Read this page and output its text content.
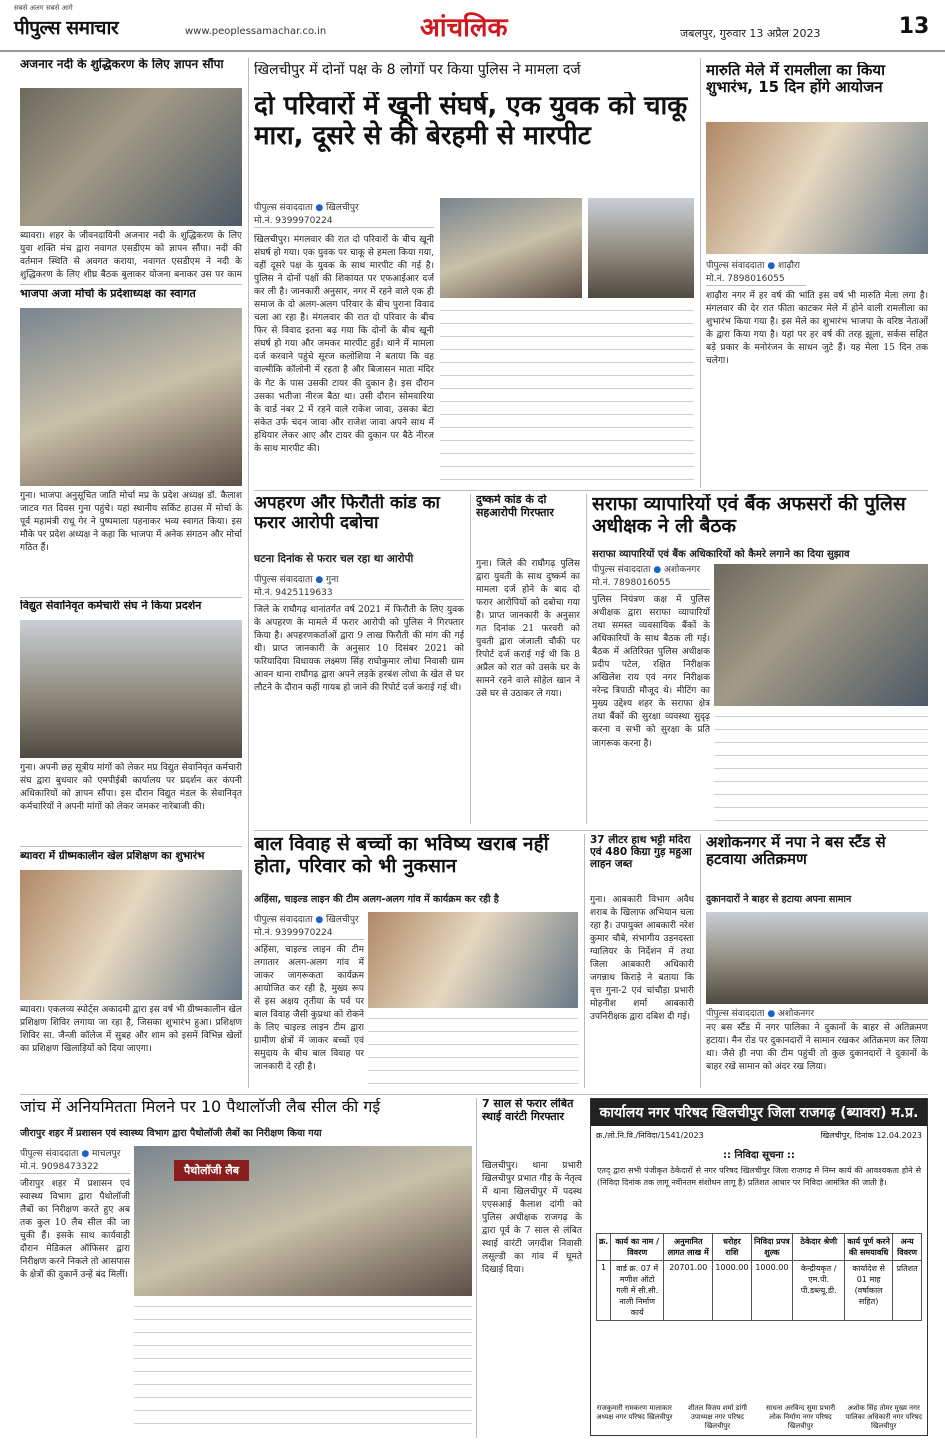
सबसे अलग सबसे आगे
पीपुल्स समाचार	www.peoplessamachar.co.in	आंचलिक	जबलपुर, गुरुवार 13 अप्रैल 2023	13
अजनार नदी के शुद्धिकरण के लिए ज्ञापन सौंपा
ब्यावरा। शहर के जीवनदायिनी अजनार नदी के शुद्धिकरण के लिए युवा शक्ति मंच द्वारा नवागत एसडीएम को ज्ञापन सौंपा। नदी की वर्तमान स्थिति से अवगत कराया, नवागत एसडीएम ने नदी के शुद्धिकरण के लिए शीघ्र बैठक बुलाकर योजना बनाकर उस पर काम
भाजपा अजा मोर्चा के प्रदेशाध्यक्ष का स्वागत
गुना। भाजपा अनुसूचित जाति मोर्चा मप्र के प्रदेश अध्यक्ष डॉ. कैलाश जाटव गत दिवस गुना पहुंचे। यहां स्थानीय सर्किट हाउस में मोर्चा के पूर्व महामंत्री राधू गेर ने पुष्पमाला पहनाकर भव्य स्वागत किया। इस मौके पर प्रदेश अध्यक्ष ने कहा कि भाजपा में अनेक संगठन और मोर्चा गठित हैं।
विद्युत सेवानिवृत कर्मचारी संघ ने किया प्रदर्शन
गुना। अपनी छह सूत्रीय मांगों को लेकर मप्र विद्युत सेवानिवृत कर्मचारी संघ द्वारा बुधवार को एमपीईबी कार्यालय पर प्रदर्शन कर कंपनी अधिकारियों को ज्ञापन सौंपा। इस दौरान विद्युत मंडल के सेवानिवृत कर्मचारियों ने अपनी मांगों को लेकर जमकर नारेबाजी की।
ब्यावरा में ग्रीष्मकालीन खेल प्रशिक्षण का शुभारंभ
ब्यावरा। एकलव्य स्पोर्ट्स अकादमी द्वारा इस वर्ष भी ग्रीष्मकालीन खेल प्रशिक्षण शिविर लगाया जा रहा है, जिसका शुभारंभ हुआ। प्रशिक्षण शिविर सा. जैन्जी कॉलेज में सुबह और शाम को इसमें विभिन्न खेलों का प्रशिक्षण खिलाड़ियों को दिया जाएगा।
खिलचीपुर में दोनों पक्ष के 8 लोगों पर किया पुलिस ने मामला दर्ज
दो परिवारों में खूनी संघर्ष, एक युवक को चाकू मारा, दूसरे से की बेरहमी से मारपीट
पीपुल्स संवाददाता ● खिलचीपुर
मो.नं. 9399970224
खिलचीपुर। मंगलवार की रात दो परिवारों के बीच खूनी संघर्ष हो गया। एक युवक पर चाकू से हमला किया गया, वहीं दूसरे पक्ष के युवक के साथ मारपीट की गई है। पुलिस ने दोनों पक्षों की शिकायत पर एफआईआर दर्ज कर ली है। जानकारी अनुसार, नगर में रहने वाले एक ही समाज के दो अलग-अलग परिवार के बीच पुराना विवाद चला आ रहा है। मंगलवार की रात दो परिवार के बीच फिर से विवाद इतना बढ़ गया कि दोनों के बीच खूनी संघर्ष हो गया और जमकर मारपीट हुई। थाने में मामला दर्ज करवाने पहुंचे सूरज कलोशिया ने बताया कि वह वाल्मीकि कॉलोनी में रहता है और बिजासन माता मंदिर के गेट के पास उसकी टायर की दुकान है। इस दौरान उसका भतीजा नीरज बैठा था। उसी दौरान सोमवारिया के वार्ड नंबर 2 में रहने वाले राकेश जावा, उसका बेटा संकेत उर्फ चंदन जावा और राजेश जावा अपने साथ में हथियार लेकर आए और टायर की दुकान पर बैठे नीरज के साथ मारपीट की।
मारुति मेले में रामलीला का किया शुभारंभ, 15 दिन होंगे आयोजन
पीपुल्स संवाददाता ● शाढ़ौरा
मो.नं. 7898016055
शाढ़ौरा नगर में हर वर्ष की भांति इस वर्ष भी मारुति मेला लगा है। मंगलवार की देर रात फीता काटकर मेले में होने वाली रामलीला का शुभारंभ किया गया है। इस मेले का शुभारंभ भाजपा के वरिष्ठ नेताओं के द्वारा किया गया है। यहां पर हर वर्ष की तरह झूला, सर्कस सहित बड़े प्रकार के मनोरंजन के साधन जुटे हैं। यह मेला 15 दिन तक चलेगा।
अपहरण और फिरौती कांड का फरार आरोपी दबोचा
घटना दिनांक से फरार चल रहा था आरोपी
पीपुल्स संवाददाता ● गुना
मो.नं. 9425119633
जिले के राघौगढ़ थानांतर्गत वर्ष 2021 में फिरौती के लिए युवक के अपहरण के मामले में फरार आरोपी को पुलिस ने गिरफ्तार किया है। अपहरणकर्ताओं द्वारा 9 लाख फिरौती की मांग की गई थी। प्राप्त जानकारी के अनुसार 10 दिसंबर 2021 को फरियादिया विधायक लक्ष्मण सिंह राघोकुमार लोधा निवासी ग्राम आवन थाना राघौगढ़ द्वारा अपने लड़के हरबंश लोधा के खेत से घर लौटने के दौरान कहीं गायब हो जाने की रिपोर्ट दर्ज कराई गई थी।
दुष्कर्म कांड के दो सहआरोपी गिरफ्तार
गुना। जिले की राघौगढ़ पुलिस द्वारा युवती के साथ दुष्कर्म का मामला दर्ज होने के बाद दो फरार आरोपियों को दबोचा गया है। प्राप्त जानकारी के अनुसार गत दिनांक 21 फरवरी को युवती द्वारा जंजाली चौकी पर रिपोर्ट दर्ज कराई गई थी कि 8 अप्रैल को रात को उसके घर के सामने रहने वाले सोहेल खान ने उसे घर से उठाकर ले गया।
सराफा व्यापारियों एवं बैंक अफसरों की पुलिस अधीक्षक ने ली बैठक
सराफा व्यापारियों एवं बैंक अधिकारियों को कैमरे लगाने का दिया सुझाव
पीपुल्स संवाददाता ● अशोकनगर
मो.नं. 7898016055
पुलिस नियंत्रण कक्ष में पुलिस अधीक्षक द्वारा सराफा व्यापारियों तथा समस्त व्यवसायिक बैंकों के अधिकारियों के साथ बैठक ली गई। बैठक में अतिरिक्त पुलिस अधीक्षक प्रदीप पटेल, रक्षित निरीक्षक अखिलेश राय एवं नगर निरीक्षक नरेन्द्र त्रिपाठी मौजूद थे। मीटिंग का मुख्य उद्देश्य शहर के सराफा क्षेत्र तथा बैंकों की सुरक्षा व्यवस्था सुदृढ़ करना व सभी को सुरक्षा के प्रति जागरूक करना है।
बाल विवाह से बच्चों का भविष्य खराब नहीं होता, परिवार को भी नुकसान
अहिंसा, चाइल्ड लाइन की टीम अलग-अलग गांव में कार्यक्रम कर रही है
पीपुल्स संवाददाता ● खिलचीपुर
मो.नं. 9399970224
अहिंसा, चाइल्ड लाइन की टीम लगातार अलग-अलग गांव में जाकर जागरूकता कार्यक्रम आयोजित कर रही है, मुख्य रूप से इस अक्षय तृतीया के पर्व पर बाल विवाह जैसी कुप्रथा को रोकने के लिए चाइल्ड लाइन टीम द्वारा ग्रामीण क्षेत्रों में जाकर बच्चों एवं समुदाय के बीच बाल विवाह पर जानकारी दे रही है।
37 लीटर हाथ भट्टी मदिरा एवं 480 किग्रा गुड़ महुआ लाहन जब्त
गुना। आबकारी विभाग अवैध शराब के खिलाफ अभियान चला रहा है। उपायुक्त आबकारी नरेश कुमार चौबे, संभागीय उड़नदस्ता ग्वालियर के निर्देशन में तथा जिला आबकारी अधिकारी जगन्नाथ किराड़े ने बताया कि वृत्त गुना-2 एवं चांचौड़ा प्रभारी मोहनीश शर्मा आबकारी उपनिरीक्षक द्वारा दबिश दी गई।
अशोकनगर में नपा ने बस स्टैंड से हटवाया अतिक्रमण
दुकानदारों ने बाहर से हटाया अपना सामान
पीपुल्स संवाददाता ● अशोकनगर
नए बस स्टैंड में नगर पालिका ने दुकानों के बाहर से अतिक्रमण हटाया। मैन रोड पर दुकानदारों ने सामान रखकर अतिक्रमण कर लिया था। जैसे ही नपा की टीम पहुंची तो कुछ दुकानदारों ने दुकानों के बाहर रखे सामान को अंदर रख लिया।
जांच में अनियमितता मिलने पर 10 पैथालॉजी लैब सील की गई
जीरापुर शहर में प्रशासन एवं स्वास्थ्य विभाग द्वारा पैथोलॉजी लैबों का निरीक्षण किया गया
पीपुल्स संवाददाता ● माचलपुर
मो.नं. 9098473322	पैथोलॉजी लैब
जीरापुर शहर में प्रशासन एवं स्वास्थ्य विभाग द्वारा पैथोलॉजी लैबों का निरीक्षण करते हुए अब तक कुल 10 लैब सील की जा चुकी हैं। इसके साथ कार्यवाही दौरान मेडिकल ऑफिसर द्वारा निरीक्षण करने निकले तो आसपास के क्षेत्रों की दुकानें उन्हें बंद मिलीं।
7 साल से फरार लंबित स्थाई वारंटी गिरफ्तार
खिलचीपुर। थाना प्रभारी खिलचीपुर प्रभात गौड़ के नेतृत्व में थाना खिलचीपुर में पदस्थ एएसआई कैलाश दांगी को पुलिस अधीक्षक राजगढ़ के द्वारा पूर्व के 7 साल से लंबित स्थाई वारंटी जगदीश निवासी लसूल्डी का गांव में घूमते दिखाई दिया।
कार्यालय नगर परिषद खिलचीपुर जिला राजगढ़ (ब्यावरा) म.प्र.
क्र./लो.नि.वि./निविदा/1541/2023	खिलचीपुर, दिनांक 12.04.2023
:: निविदा सूचना ::
एतद् द्वारा सभी पंजीकृत ठेकेदारों से नगर परिषद खिलचीपुर जिला राजगढ़ में निम्न कार्य की आवश्यकता होने से (निविदा दिनांक तक लागू नवीनतम संशोधन लागू है) प्रतिशत आधार पर निविदा आमंत्रित की जाती है।
क्र.	कार्य का नाम / विवरण	अनुमानित लागत लाख में	धरोहर राशि	निविदा प्रपत्र शुल्क	ठेकेदार श्रेणी	कार्य पूर्ण करने की समयावधि	अन्य विवरण
1	वार्ड क्र. 07 में मणीश ऑटो गली में सी.सी. नाली निर्माण कार्य	20701.00	1000.00	1000.00	केन्द्रीयकृत / एम.पी. पी.डब्ल्यू.डी.	कार्यादेश से 01 माह (वर्षाकाल सहित)	प्रतिशत
राजकुमारी रामकरण मालाकार अध्यक्ष नगर परिषद खिलचीपुर
शीतल विजय शर्मा डांगी उपाध्यक्ष नगर परिषद खिलचीपुर
साधना अरविन्द सुमा प्रभारी लोक निर्माण नगर परिषद खिलचीपुर
अशोक सिंह तोमर मुख्य नगर पालिका अधिकारी नगर परिषद खिलचीपुर
